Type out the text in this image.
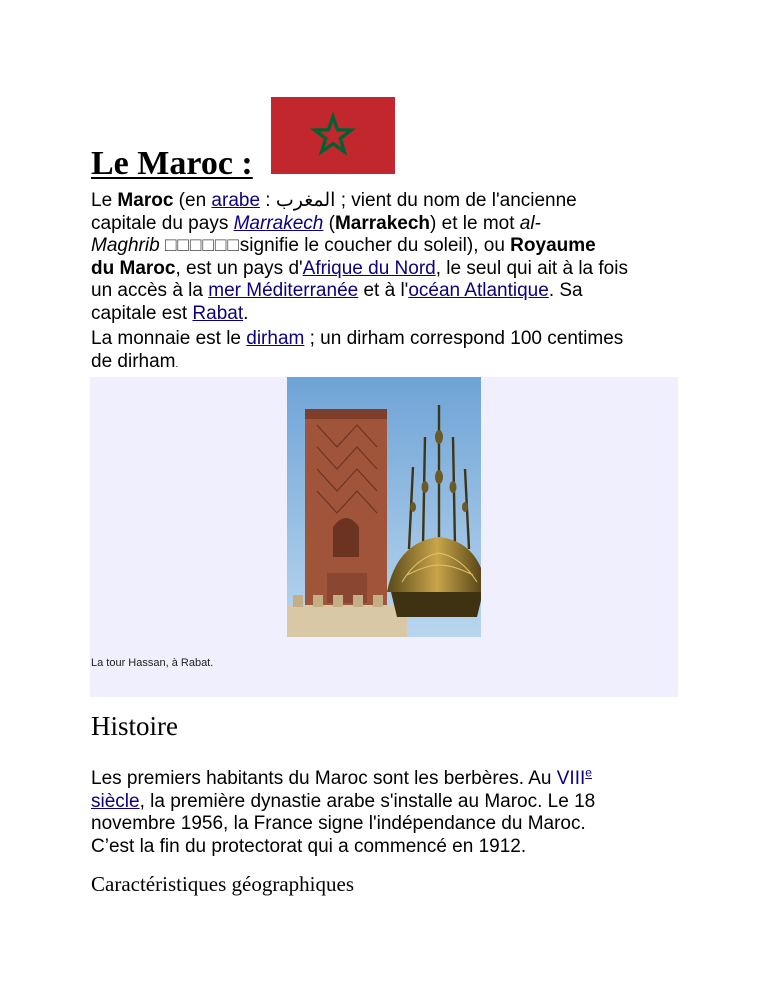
Le Maroc :

Le Maroc (en arabe : المغرب ; vient du nom de l'ancienne
capitale du pays Marrakech (Marrakech) et le mot al-
Maghrib □□□□□□signifie le coucher du soleil), ou Royaume
du Maroc, est un pays d'Afrique du Nord, le seul qui ait à la fois
un accès à la mer Méditerranée et à l'océan Atlantique. Sa
capitale est Rabat.

La monnaie est le dirham ; un dirham correspond 100 centimes
de dirham.

La tour Hassan, à Rabat.
Histoire

Les premiers habitants du Maroc sont les berbères. Au VIIIe
siècle, la première dynastie arabe s'installe au Maroc. Le 18
novembre 1956, la France signe l'indépendance du Maroc.
C’est la fin du protectorat qui a commencé en 1912.

Caractéristiques géographiques
